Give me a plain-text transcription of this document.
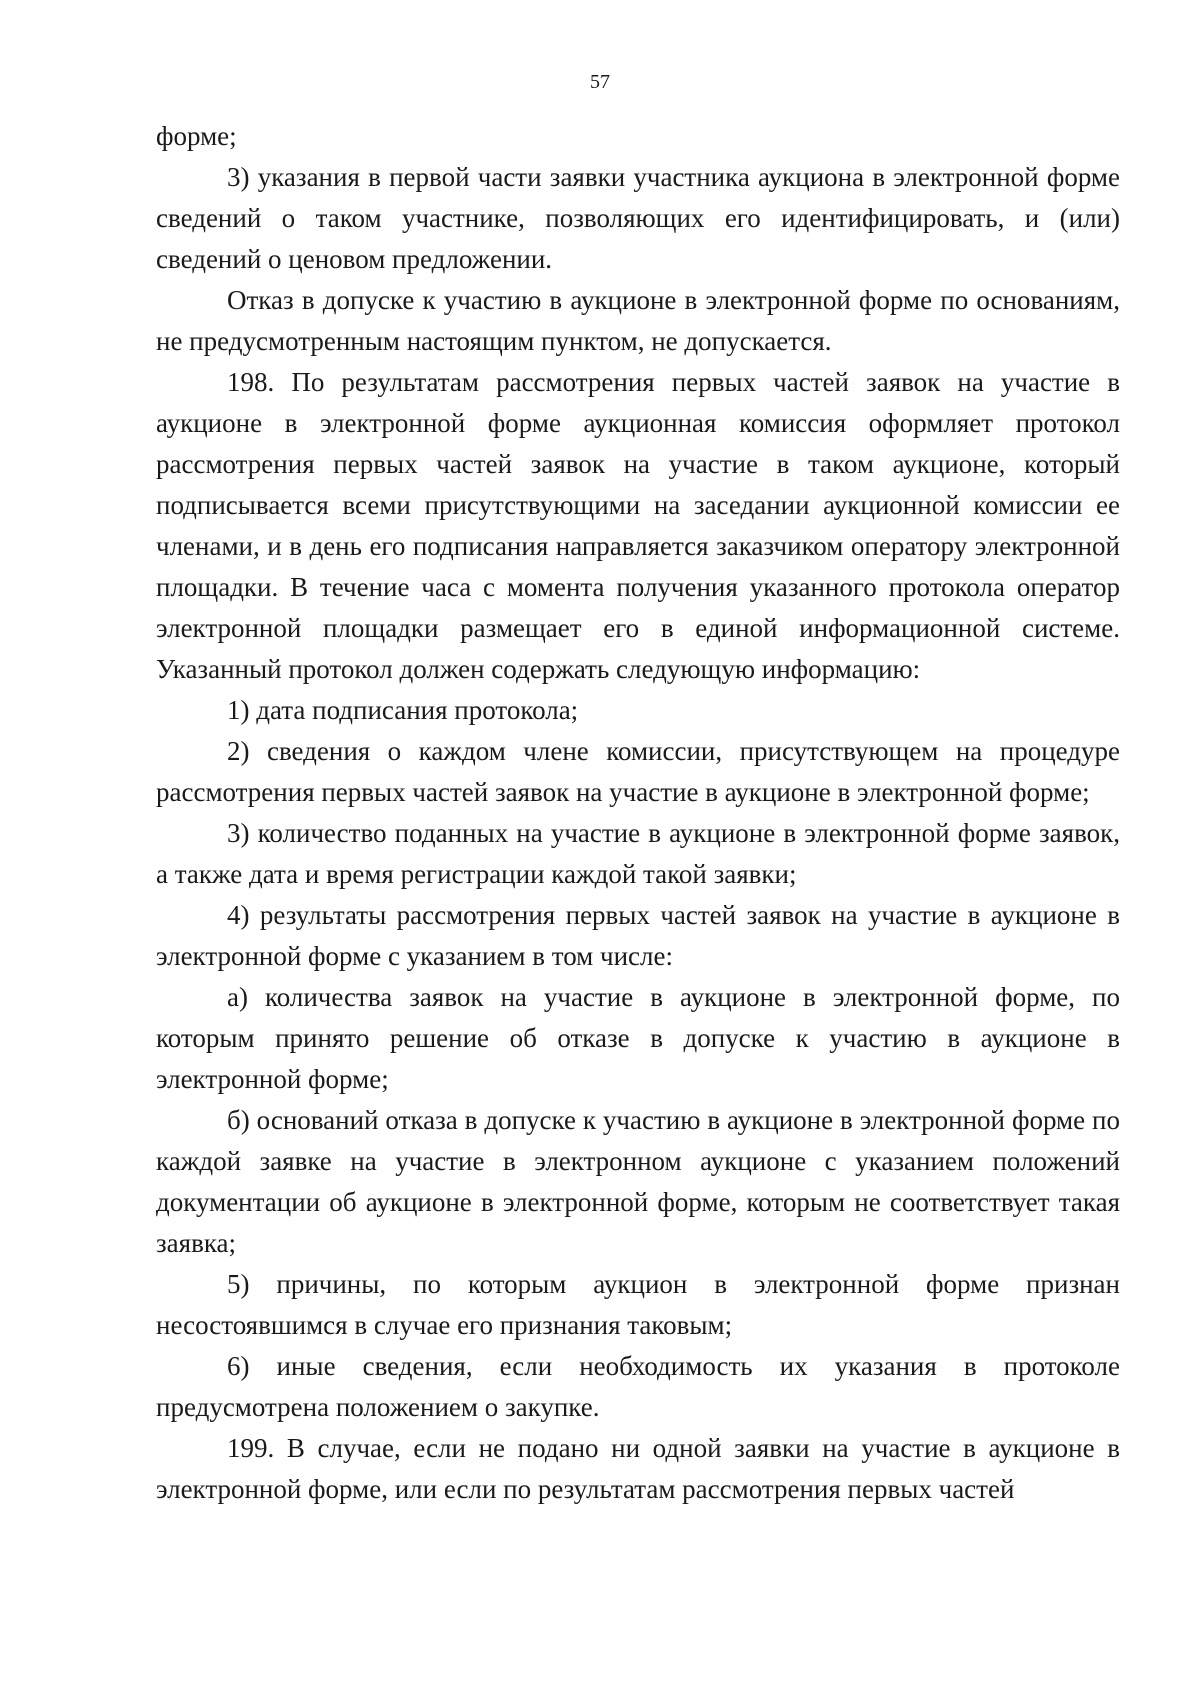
57

форме;

3) указания в первой части заявки участника аукциона в электронной форме сведений о таком участнике, позволяющих его идентифицировать, и (или) сведений о ценовом предложении.

Отказ в допуске к участию в аукционе в электронной форме по основаниям, не предусмотренным настоящим пунктом, не допускается.

198. По результатам рассмотрения первых частей заявок на участие в аукционе в электронной форме аукционная комиссия оформляет протокол рассмотрения первых частей заявок на участие в таком аукционе, который подписывается всеми присутствующими на заседании аукционной комиссии ее членами, и в день его подписания направляется заказчиком оператору электронной площадки. В течение часа с момента получения указанного протокола оператор электронной площадки размещает его в единой информационной системе. Указанный протокол должен содержать следующую информацию:

1) дата подписания протокола;

2) сведения о каждом члене комиссии, присутствующем на процедуре рассмотрения первых частей заявок на участие в аукционе в электронной форме;

3) количество поданных на участие в аукционе в электронной форме заявок, а также дата и время регистрации каждой такой заявки;

4) результаты рассмотрения первых частей заявок на участие в аукционе в электронной форме с указанием в том числе:

а) количества заявок на участие в аукционе в электронной форме, по которым принято решение об отказе в допуске к участию в аукционе в электронной форме;

б) оснований отказа в допуске к участию в аукционе в электронной форме по каждой заявке на участие в электронном аукционе с указанием положений документации об аукционе в электронной форме, которым не соответствует такая заявка;

5) причины, по которым аукцион в электронной форме признан несостоявшимся в случае его признания таковым;

6) иные сведения, если необходимость их указания в протоколе предусмотрена положением о закупке.

199. В случае, если не подано ни одной заявки на участие в аукционе в электронной форме, или если по результатам рассмотрения первых частей
